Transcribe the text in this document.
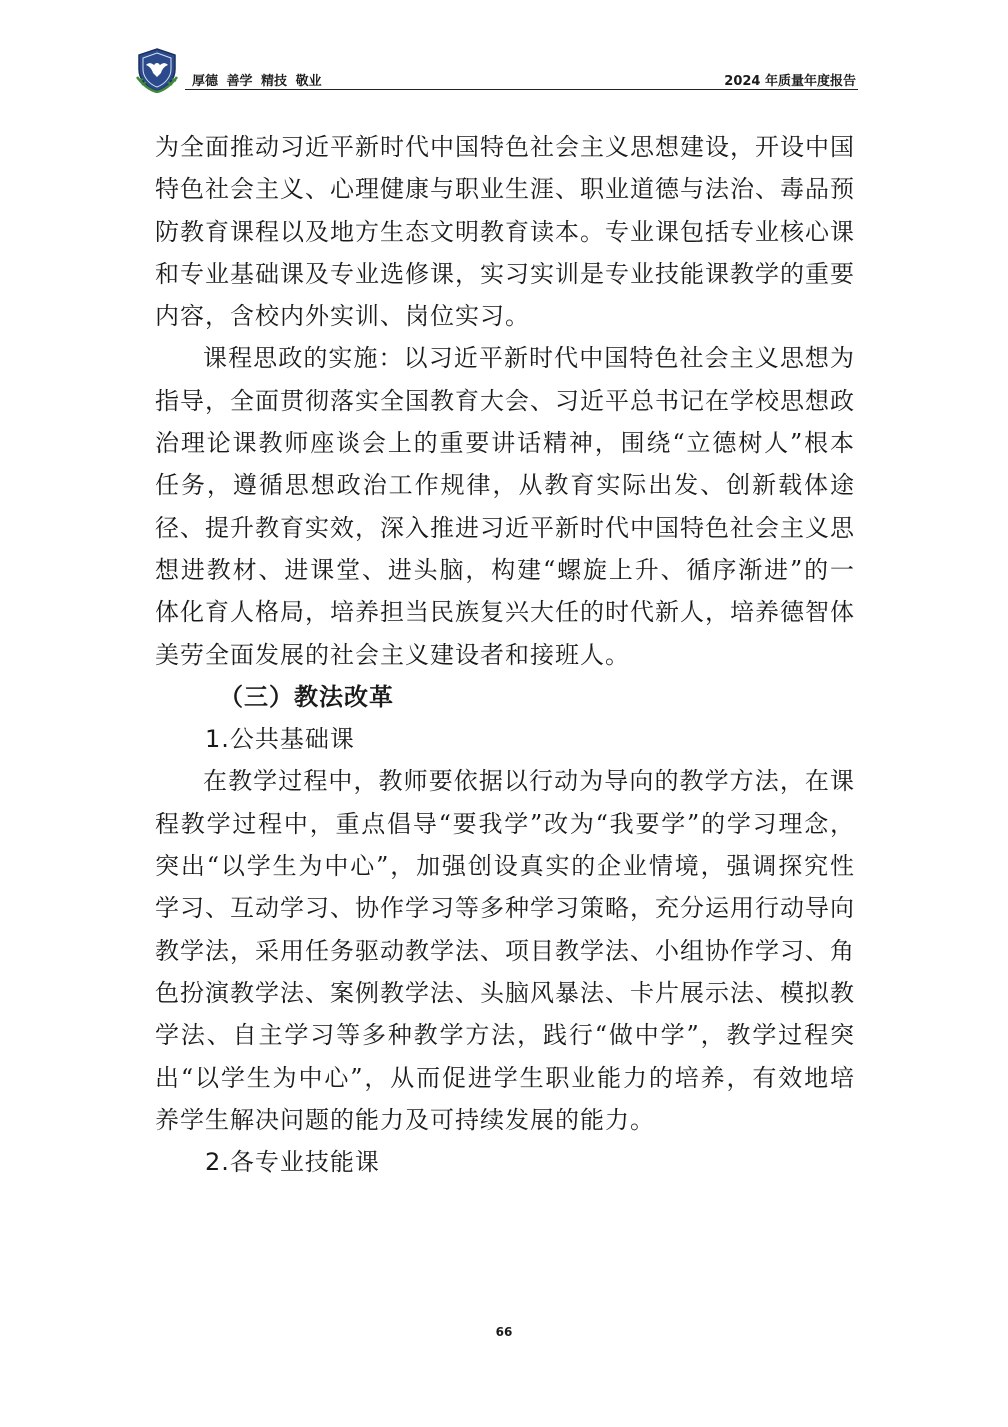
厚德 善学 精技 敬业	2024 年质量年度报告

为全面推动习近平新时代中国特色社会主义思想建设，开设中国特色社会主义、心理健康与职业生涯、职业道德与法治、毒品预防教育课程以及地方生态文明教育读本。专业课包括专业核心课和专业基础课及专业选修课，实习实训是专业技能课教学的重要内容，含校内外实训、岗位实习。

课程思政的实施：以习近平新时代中国特色社会主义思想为指导，全面贯彻落实全国教育大会、习近平总书记在学校思想政治理论课教师座谈会上的重要讲话精神，围绕“立德树人”根本任务，遵循思想政治工作规律，从教育实际出发、创新载体途径、提升教育实效，深入推进习近平新时代中国特色社会主义思想进教材、进课堂、进头脑，构建“螺旋上升、循序渐进”的一体化育人格局，培养担当民族复兴大任的时代新人，培养德智体美劳全面发展的社会主义建设者和接班人。

（三）教法改革

1.公共基础课

在教学过程中，教师要依据以行动为导向的教学方法，在课程教学过程中，重点倡导“要我学”改为“我要学”的学习理念，突出“以学生为中心”，加强创设真实的企业情境，强调探究性学习、互动学习、协作学习等多种学习策略，充分运用行动导向教学法，采用任务驱动教学法、项目教学法、小组协作学习、角色扮演教学法、案例教学法、头脑风暴法、卡片展示法、模拟教学法、自主学习等多种教学方法，践行“做中学”，教学过程突出“以学生为中心”，从而促进学生职业能力的培养，有效地培养学生解决问题的能力及可持续发展的能力。

2.各专业技能课

66
